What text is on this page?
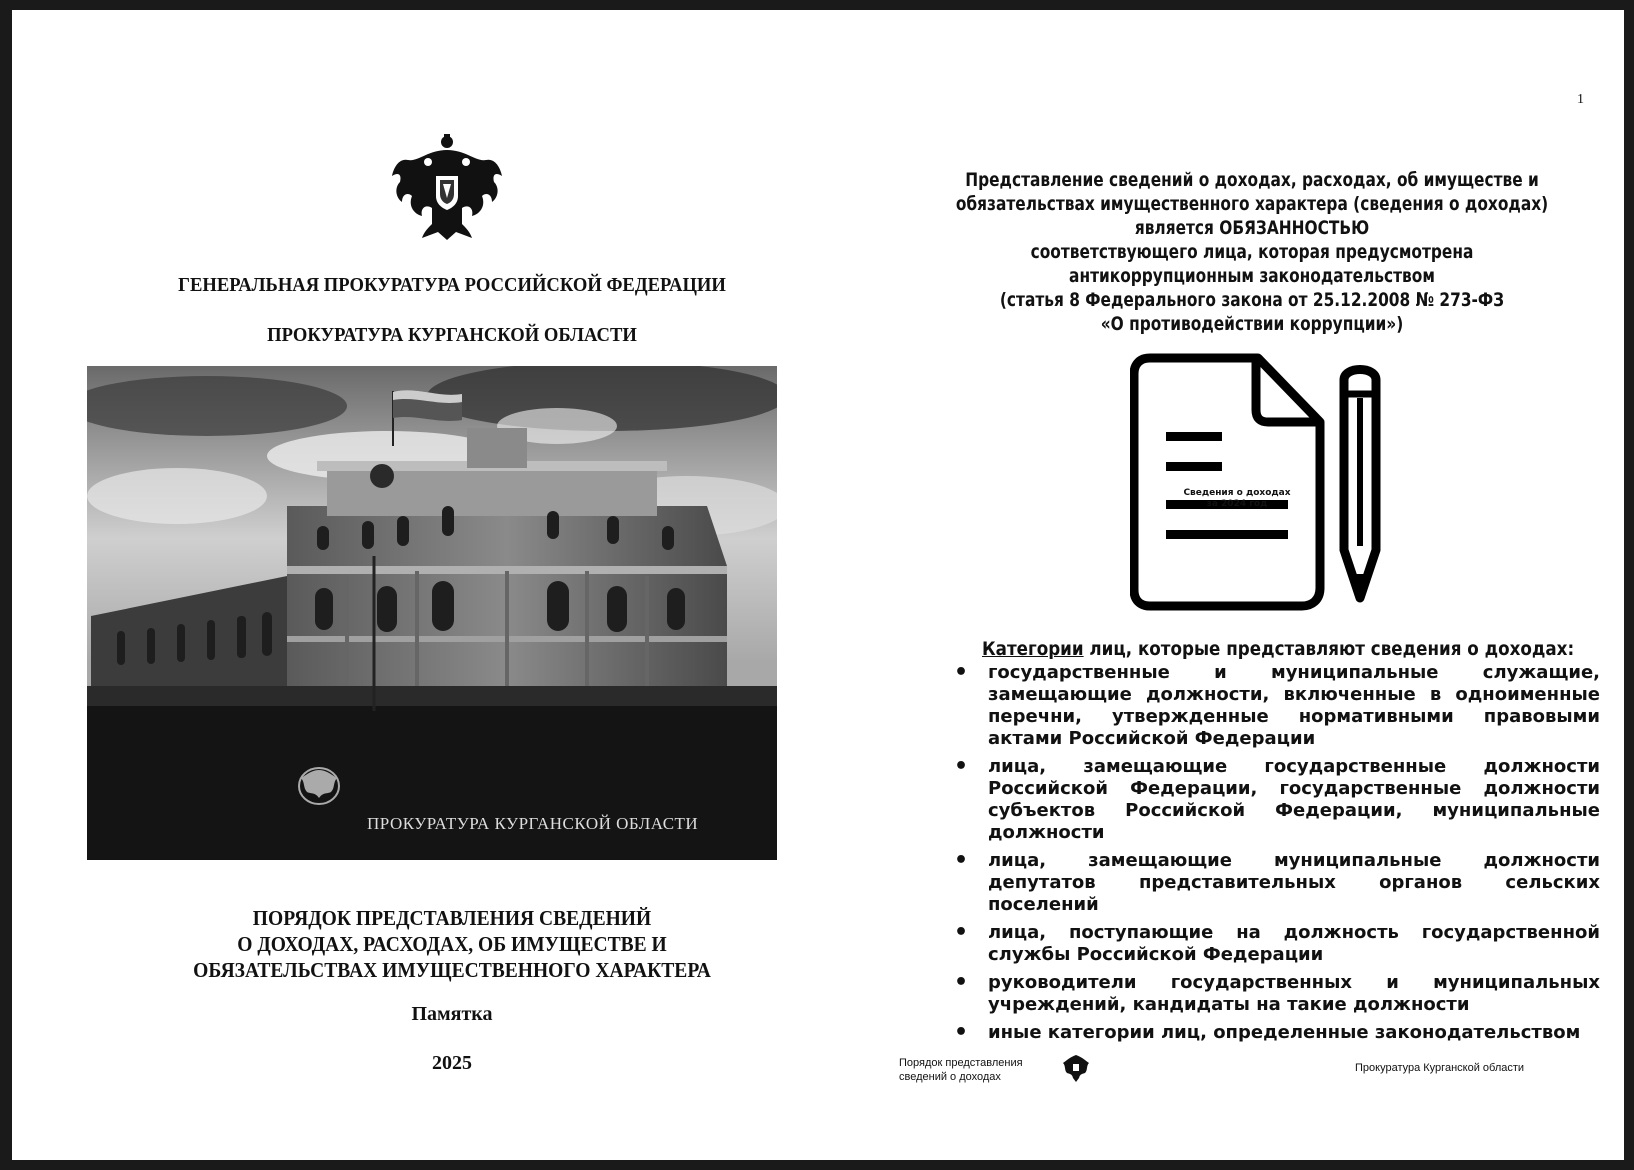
1
ГЕНЕРАЛЬНАЯ ПРОКУРАТУРА РОССИЙСКОЙ ФЕДЕРАЦИИ
ПРОКУРАТУРА КУРГАНСКОЙ ОБЛАСТИ
ПРОКУРАТУРА КУРГАНСКОЙ ОБЛАСТИ
ПОРЯДОК ПРЕДСТАВЛЕНИЯ СВЕДЕНИЙ
О ДОХОДАХ, РАСХОДАХ, ОБ ИМУЩЕСТВЕ И
ОБЯЗАТЕЛЬСТВАХ ИМУЩЕСТВЕННОГО ХАРАКТЕРА
Памятка
2025
Представление сведений о доходах, расходах, об имуществе и
обязательствах имущественного характера (сведения о доходах)
является ОБЯЗАННОСТЬЮ
соответствующего лица, которая предусмотрена
антикоррупционным законодательством
(статья 8 Федерального закона от 25.12.2008 № 273-ФЗ
«О противодействии коррупции»)
Сведения о доходах
за 2024 год
Категории лиц, которые представляют сведения о доходах:
• государственные и муниципальные служащие, замещающие должности, включенные в одноименные перечни, утвержденные нормативными правовыми актами Российской Федерации
• лица, замещающие государственные должности Российской Федерации, государственные должности субъектов Российской Федерации, муниципальные должности
• лица, замещающие муниципальные должности депутатов представительных органов сельских поселений
• лица, поступающие на должность государственной службы Российской Федерации
• руководители государственных и муниципальных учреждений, кандидаты на такие должности
• иные категории лиц, определенные законодательством
Порядок представления
сведений о доходах
Прокуратура Курганской области
